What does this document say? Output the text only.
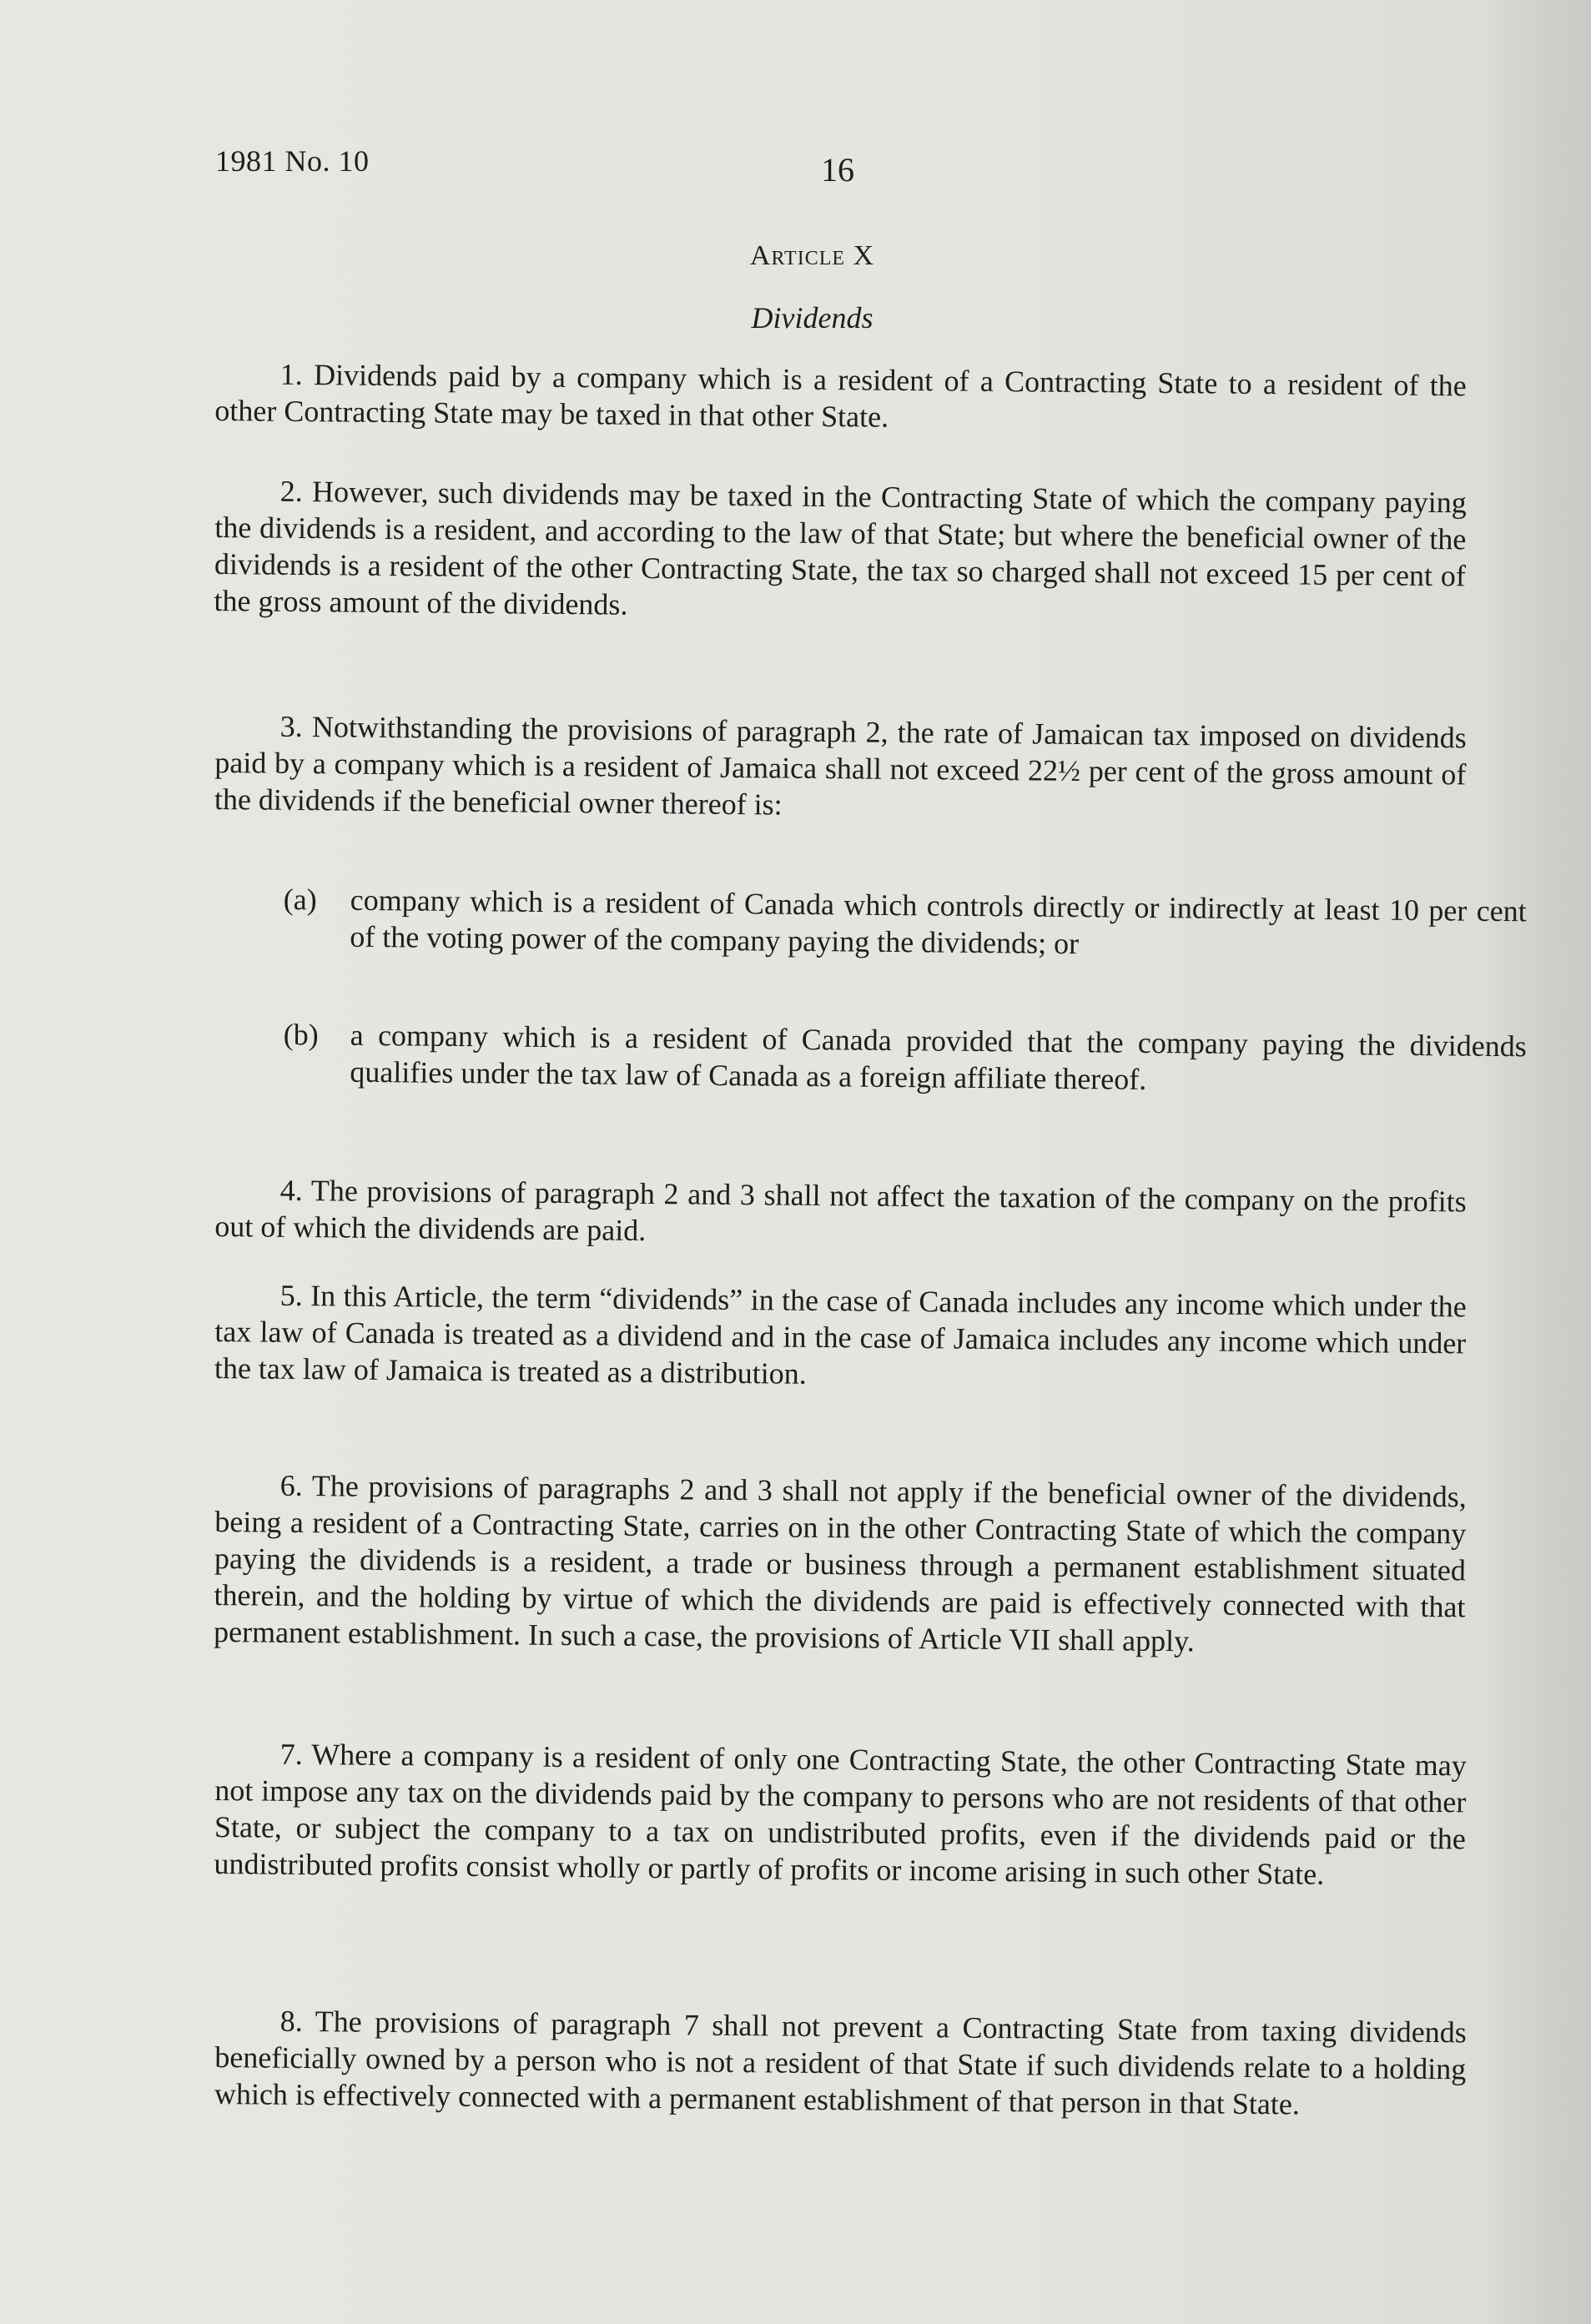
1981 No. 10	16
Article X
Dividends
1. Dividends paid by a company which is a resident of a Contracting State to a resident of the other Contracting State may be taxed in that other State.
2. However, such dividends may be taxed in the Contracting State of which the company paying the dividends is a resident, and according to the law of that State; but where the beneficial owner of the dividends is a resident of the other Contracting State, the tax so charged shall not exceed 15 per cent of the gross amount of the dividends.
3. Notwithstanding the provisions of paragraph 2, the rate of Jamaican tax imposed on dividends paid by a company which is a resident of Jamaica shall not exceed 22½ per cent of the gross amount of the dividends if the beneficial owner thereof is:
(a) company which is a resident of Canada which controls directly or indirectly at least 10 per cent of the voting power of the company paying the dividends; or
(b) a company which is a resident of Canada provided that the company paying the dividends qualifies under the tax law of Canada as a foreign affiliate thereof.
4. The provisions of paragraph 2 and 3 shall not affect the taxation of the company on the profits out of which the dividends are paid.
5. In this Article, the term “dividends” in the case of Canada includes any income which under the tax law of Canada is treated as a dividend and in the case of Jamaica includes any income which under the tax law of Jamaica is treated as a distribution.
6. The provisions of paragraphs 2 and 3 shall not apply if the beneficial owner of the dividends, being a resident of a Contracting State, carries on in the other Contracting State of which the company paying the dividends is a resident, a trade or business through a permanent establishment situated therein, and the holding by virtue of which the dividends are paid is effectively connected with that permanent establishment. In such a case, the provisions of Article VII shall apply.
7. Where a company is a resident of only one Contracting State, the other Contracting State may not impose any tax on the dividends paid by the company to persons who are not residents of that other State, or subject the company to a tax on undistributed profits, even if the dividends paid or the undistributed profits consist wholly or partly of profits or income arising in such other State.
8. The provisions of paragraph 7 shall not prevent a Contracting State from taxing dividends beneficially owned by a person who is not a resident of that State if such dividends relate to a holding which is effectively connected with a permanent establishment of that person in that State.
